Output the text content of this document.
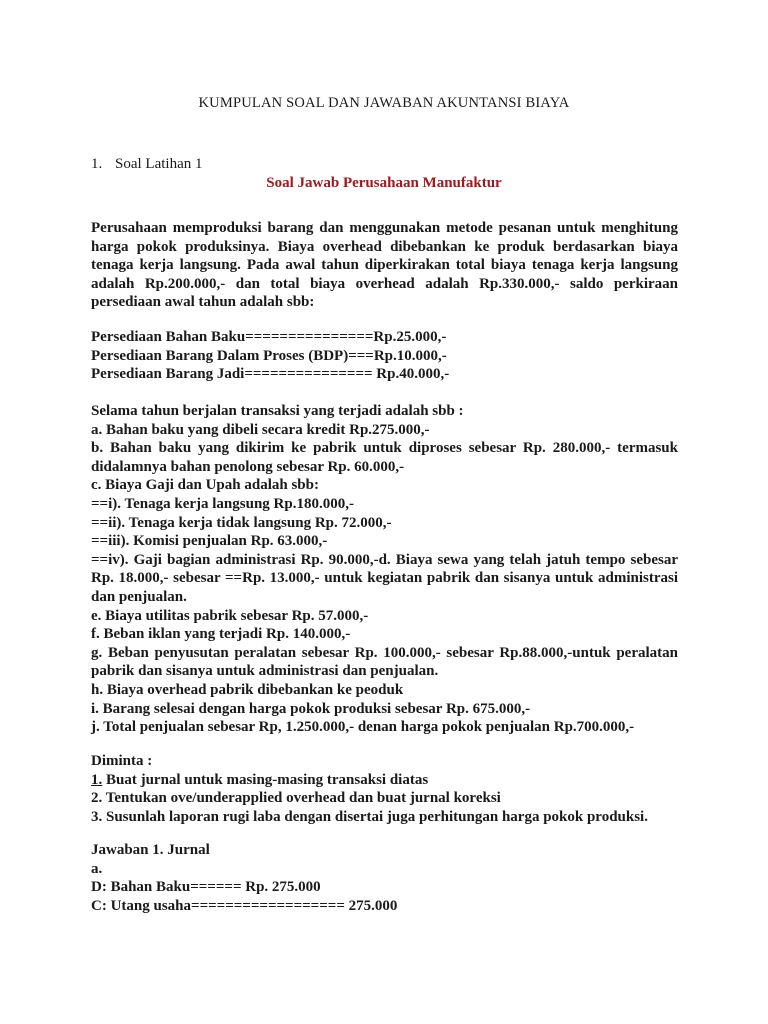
KUMPULAN SOAL DAN JAWABAN AKUNTANSI BIAYA
1. Soal Latihan 1
Soal Jawab Perusahaan Manufaktur

Perusahaan memproduksi barang dan menggunakan metode pesanan untuk menghitung harga pokok produksinya. Biaya overhead dibebankan ke produk berdasarkan biaya tenaga kerja langsung. Pada awal tahun diperkirakan total biaya tenaga kerja langsung adalah Rp.200.000,- dan total biaya overhead adalah Rp.330.000,- saldo perkiraan persediaan awal tahun adalah sbb:

Persediaan Bahan Baku===============Rp.25.000,-

Persediaan Barang Dalam Proses (BDP)===Rp.10.000,-

Persediaan Barang Jadi=============== Rp.40.000,-

Selama tahun berjalan transaksi yang terjadi adalah sbb :

a. Bahan baku yang dibeli secara kredit Rp.275.000,-

b. Bahan baku yang dikirim ke pabrik untuk diproses sebesar Rp. 280.000,- termasuk didalamnya bahan penolong sebesar Rp. 60.000,-

c. Biaya Gaji dan Upah adalah sbb:

==i). Tenaga kerja langsung Rp.180.000,-

==ii). Tenaga kerja tidak langsung Rp. 72.000,-

==iii). Komisi penjualan Rp. 63.000,-

==iv). Gaji bagian administrasi Rp. 90.000,-d. Biaya sewa yang telah jatuh tempo sebesar Rp. 18.000,- sebesar ==Rp. 13.000,- untuk kegiatan pabrik dan sisanya untuk administrasi dan penjualan.

e. Biaya utilitas pabrik sebesar Rp. 57.000,-

f. Beban iklan yang terjadi Rp. 140.000,-

g. Beban penyusutan peralatan sebesar Rp. 100.000,- sebesar Rp.88.000,-untuk peralatan pabrik dan sisanya untuk administrasi dan penjualan.

h. Biaya overhead pabrik dibebankan ke peoduk

i. Barang selesai dengan harga pokok produksi sebesar Rp. 675.000,-

j. Total penjualan sebesar Rp, 1.250.000,- denan harga pokok penjualan Rp.700.000,-

Diminta :

1. Buat jurnal untuk masing-masing transaksi diatas

2. Tentukan ove/underapplied overhead dan buat jurnal koreksi

3. Susunlah laporan rugi laba dengan disertai juga perhitungan harga pokok produksi.

Jawaban 1. Jurnal

a.

D: Bahan Baku====== Rp. 275.000

C: Utang usaha================== 275.000
